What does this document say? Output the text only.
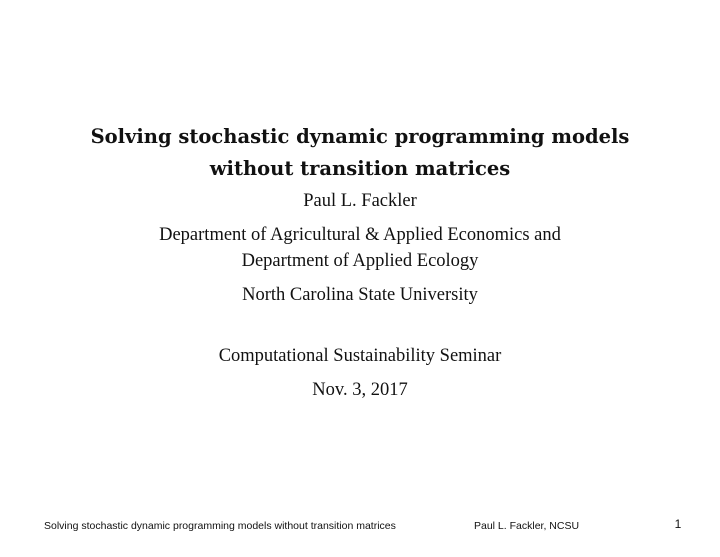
Solving stochastic dynamic programming models
without transition matrices
Paul L. Fackler
Department of Agricultural & Applied Economics and
Department of Applied Ecology
North Carolina State University
Computational Sustainability Seminar
Nov. 3, 2017
Solving stochastic dynamic programming models without transition matrices	Paul L. Fackler, NCSU	1
